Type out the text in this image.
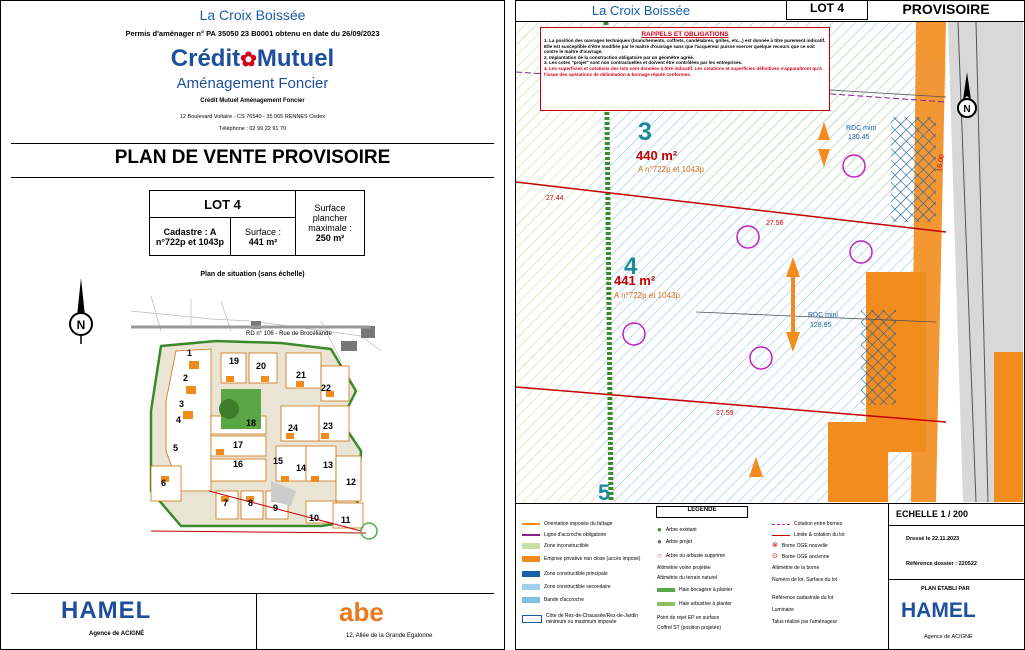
La Croix Boissée
Permis d'aménager n° PA 35050 23 B0001 obtenu en date du 26/09/2023
Crédit✿Mutuel
Aménagement Foncier
Crédit Mutuel Aménagement Foncier
12 Boulevard Voltaire - CS 76540 - 35 065 RENNES Cedex
Téléphone : 02 99 22 91 70
PLAN DE VENTE PROVISOIRE
LOT 4		Surface plancher maximale :
250 m²

Cadastre : A n°722p et 1043p	Surface :
441 m²	
Plan de situation (sans échelle)
N
RD n° 106 - Rue de Brocéliande
1
2
3
4
5
6
7 8 9
10 11
12
13
14
15
16
17
18
19 20
21
22
23
24
HAMEL
Agence de ACIGNÉ
abe
12, Allée de la Grande Egalonne
La Croix Boissée	LOT 4	PROVISOIRE
3
440 m²
A n°722p et 1043p
4
441 m²
A n°722p et 1043p
5
RDC mini
130.45
RDC mini
128.95
27.44
27.56
27.59
16.00
N
RAPPELS ET OBLIGATIONS
1. La position des ouvrages techniques (branchements, coffrets, candélabres, grilles, etc...) est donnée à titre purement indicatif. Elle est susceptible d'être modifiée par le maître d'ouvrage sans que l'acquéreur puisse exercer quelque recours que ce soit contre le maître d'ouvrage.
2. Implantation de la construction obligatoire par un géomètre agréé.
3. Les cotes "projet" sont non contractuelles et doivent être contrôlées par les entreprises.
4. Les superficies et cotations des lots sont données à titre indicatif. Les cotations et superficies définitives n'apparaîtront qu'à l'issue des opérations de délimitation & bornage réputé conformes.
LEGENDE
Orientation imposée du faîtage
Ligne d'accroche obligatoire
Zone inconstructible
Emprise privative non close (accès imposé)
Zone constructible principale
Zone constructible secondaire
Bande d'accroche
Côte de Rez-de-Chaussée/Rez-de-Jardin minimum ou maximum imposée
● Arbre existant
● Arbre projet
○ Arbre ou arbuste supprimé
Altimétrie voirie projetée
Altimétrie du terrain naturel
Haie bocagère à planter
Haie arbustive à planter
Point de rejet EP en surface
Coffret ST (position projetée)
Cotation entre bornes
Limite & cotation du lot
⊗ Borne OGE nouvelle
⊙ Borne OGE ancienne
Altimétrie de la borne
Numéro de lot, Surface du lot
Référence cadastrale du lot
Luminaire
Talus réalisé par l'aménageur
ECHELLE 1 / 200
Dressé le 22.11.2023
Référence dossier : 220522
PLAN ÉTABLI PAR
HAMEL
Agence de ACIGNÉ
